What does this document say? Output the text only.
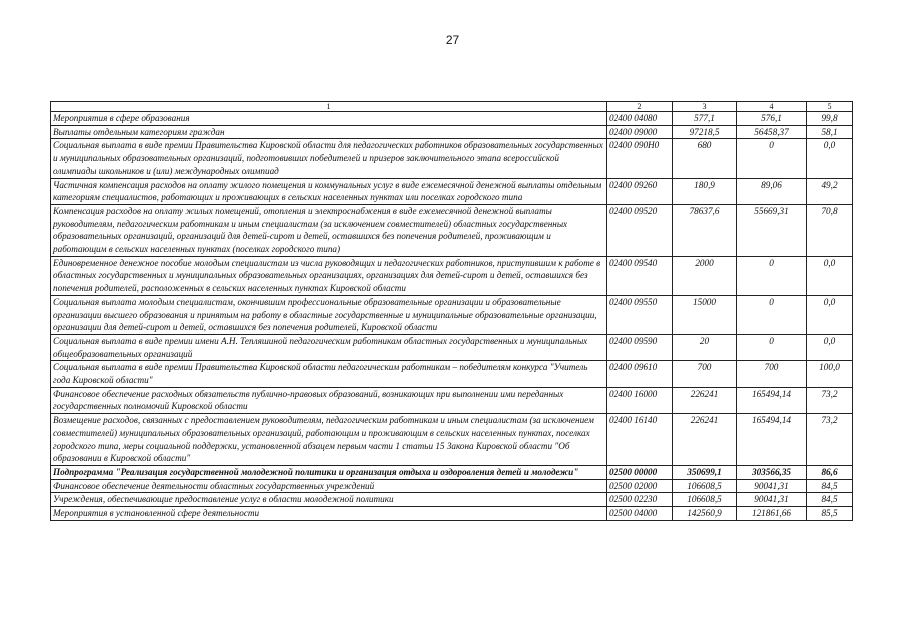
27
1	2	3	4	5
Мероприятия в сфере образования	02400 04080	577,1	576,1	99,8
Выплаты отдельным категориям граждан	02400 09000	97218,5	56458,37	58,1
Социальная выплата в виде премии Правительства Кировской области для педагогических работников образовательных государственных и муниципальных образовательных организаций, подготовивших победителей и призеров заключительного этапа всероссийской олимпиады школьников и (или) международных олимпиад	02400 090Н0	680	0	0,0
Частичная компенсация расходов на оплату жилого помещения и коммунальных услуг в виде ежемесячной денежной выплаты отдельным категориям специалистов, работающих и проживающих в сельских населенных пунктах или поселках городского типа	02400 09260	180,9	89,06	49,2
Компенсация расходов на оплату жилых помещений, отопления и электроснабжения в виде ежемесячной денежной выплаты руководителям, педагогическим работникам и иным специалистам (за исключением совместителей) областных государственных образовательных организаций, организаций для детей-сирот и детей, оставшихся без попечения родителей, проживающим и работающим в сельских населенных пунктах (поселках городского типа)	02400 09520	78637,6	55669,31	70,8
Единовременное денежное пособие молодым специалистам из числа руководящих и педагогических работников, приступившим к работе в областных государственных и муниципальных образовательных организациях, организациях для детей-сирот и детей, оставшихся без попечения родителей, расположенных в сельских населенных пунктах Кировской области	02400 09540	2000	0	0,0
Социальная выплата молодым специалистам, окончившим профессиональные образовательные организации и образовательные организации высшего образования и принятым на работу в областные государственные и муниципальные образовательные организации, организации для детей-сирот и детей, оставшихся без попечения родителей, Кировской области	02400 09550	15000	0	0,0
Социальная выплата в виде премии имени А.Н. Тепляшиной педагогическим работникам областных государственных и муниципальных общеобразовательных организаций	02400 09590	20	0	0,0
Социальная выплата в виде премии Правительства Кировской области педагогическим работникам – победителям конкурса "Учитель года Кировской области"	02400 09610	700	700	100,0
Финансовое обеспечение расходных обязательств публично-правовых образований, возникающих при выполнении ими переданных государственных полномочий Кировской области	02400 16000	226241	165494,14	73,2
Возмещение расходов, связанных с предоставлением руководителям, педагогическим работникам и иным специалистам (за исключением совместителей) муниципальных образовательных организаций, работающим и проживающим в сельских населенных пунктах, поселках городского типа, меры социальной поддержки, установленной абзацем первым части 1 статьи 15 Закона Кировской области "Об образовании в Кировской области"	02400 16140	226241	165494,14	73,2
Подпрограмма "Реализация государственной молодежной политики и организация отдыха и оздоровления детей и молодежи"	02500 00000	350699,1	303566,35	86,6
Финансовое обеспечение деятельности областных государственных учреждений	02500 02000	106608,5	90041,31	84,5
Учреждения, обеспечивающие предоставление услуг в области молодежной политики	02500 02230	106608,5	90041,31	84,5
Мероприятия в установленной сфере деятельности	02500 04000	142560,9	121861,66	85,5
